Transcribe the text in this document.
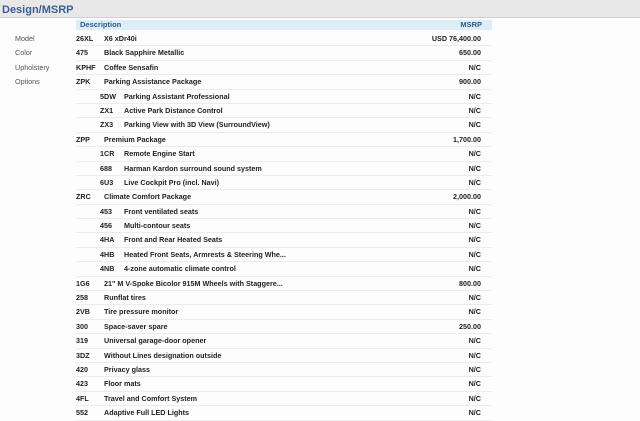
Design/MSRP
Description	MSRP
Model	26XL X6 xDr40i	USD 76,400.00
Color	475 Black Sapphire Metallic	650.00
Upholstery	KPHF Coffee Sensafin	N/C
Options	ZPK Parking Assistance Package	900.00
5DW Parking Assistant Professional	N/C
ZX1 Active Park Distance Control	N/C
ZX3 Parking View with 3D View (SurroundView)	N/C
ZPP Premium Package	1,700.00
1CR Remote Engine Start	N/C
688 Harman Kardon surround sound system	N/C
6U3 Live Cockpit Pro (incl. Navi)	N/C
ZRC Climate Comfort Package	2,000.00
453 Front ventilated seats	N/C
456 Multi-contour seats	N/C
4HA Front and Rear Heated Seats	N/C
4HB Heated Front Seats, Armrests & Steering Whe...	N/C
4NB 4-zone automatic climate control	N/C
1G6 21" M V-Spoke Bicolor 915M Wheels with Staggere...	800.00
258 Runflat tires	N/C
2VB Tire pressure monitor	N/C
300 Space-saver spare	250.00
319 Universal garage-door opener	N/C
3DZ Without Lines designation outside	N/C
420 Privacy glass	N/C
423 Floor mats	N/C
4FL Travel and Comfort System	N/C
552 Adaptive Full LED Lights	N/C
